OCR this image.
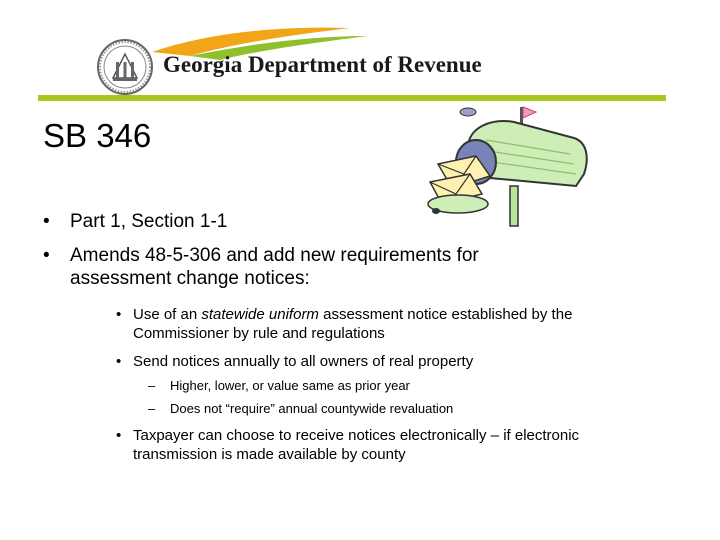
Georgia Department of Revenue
SB 346
• Part 1, Section 1-1
• Amends 48-5-306 and add new requirements for
assessment change notices:
• Use of an statewide uniform assessment notice established by the
Commissioner by rule and regulations
• Send notices annually to all owners of real property
– Higher, lower, or value same as prior year
– Does not “require” annual countywide revaluation
• Taxpayer can choose to receive notices electronically – if electronic
transmission is made available by county
